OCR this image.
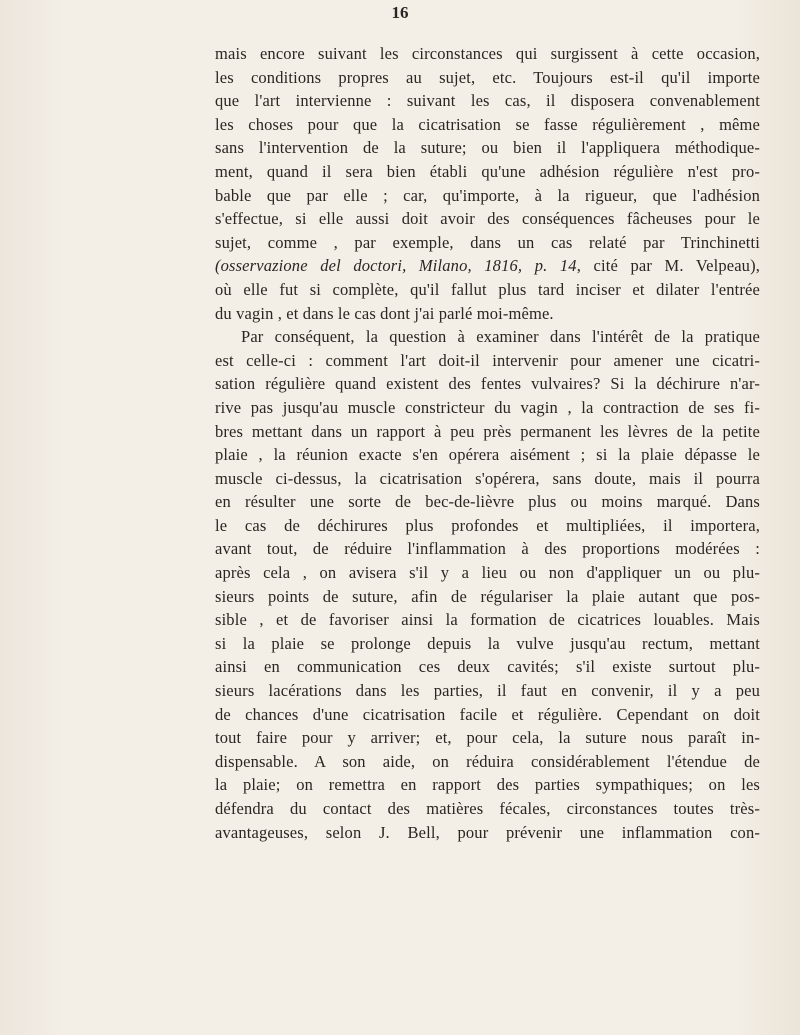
16
mais encore suivant les circonstances qui surgissent à cette occasion,
les conditions propres au sujet, etc. Toujours est-il qu'il importe
que l'art intervienne : suivant les cas, il disposera convenablement
les choses pour que la cicatrisation se fasse régulièrement , même
sans l'intervention de la suture; ou bien il l'appliquera méthodique-
ment, quand il sera bien établi qu'une adhésion régulière n'est pro-
bable que par elle ; car, qu'importe, à la rigueur, que l'adhésion
s'effectue, si elle aussi doit avoir des conséquences fâcheuses pour le
sujet, comme , par exemple, dans un cas relaté par Trinchinetti
(osservazione del doctori, Milano, 1816, p. 14, cité par M. Velpeau),
où elle fut si complète, qu'il fallut plus tard inciser et dilater l'entrée
du vagin , et dans le cas dont j'ai parlé moi-même.
Par conséquent, la question à examiner dans l'intérêt de la pratique
est celle-ci : comment l'art doit-il intervenir pour amener une cicatri-
sation régulière quand existent des fentes vulvaires? Si la déchirure n'ar-
rive pas jusqu'au muscle constricteur du vagin , la contraction de ses fi-
bres mettant dans un rapport à peu près permanent les lèvres de la petite
plaie , la réunion exacte s'en opérera aisément ; si la plaie dépasse le
muscle ci-dessus, la cicatrisation s'opérera, sans doute, mais il pourra
en résulter une sorte de bec-de-lièvre plus ou moins marqué. Dans
le cas de déchirures plus profondes et multipliées, il importera,
avant tout, de réduire l'inflammation à des proportions modérées :
après cela , on avisera s'il y a lieu ou non d'appliquer un ou plu-
sieurs points de suture, afin de régulariser la plaie autant que pos-
sible , et de favoriser ainsi la formation de cicatrices louables. Mais
si la plaie se prolonge depuis la vulve jusqu'au rectum, mettant
ainsi en communication ces deux cavités; s'il existe surtout plu-
sieurs lacérations dans les parties, il faut en convenir, il y a peu
de chances d'une cicatrisation facile et régulière. Cependant on doit
tout faire pour y arriver; et, pour cela, la suture nous paraît in-
dispensable. A son aide, on réduira considérablement l'étendue de
la plaie; on remettra en rapport des parties sympathiques; on les
défendra du contact des matières fécales, circonstances toutes très-
avantageuses, selon J. Bell, pour prévenir une inflammation con-
